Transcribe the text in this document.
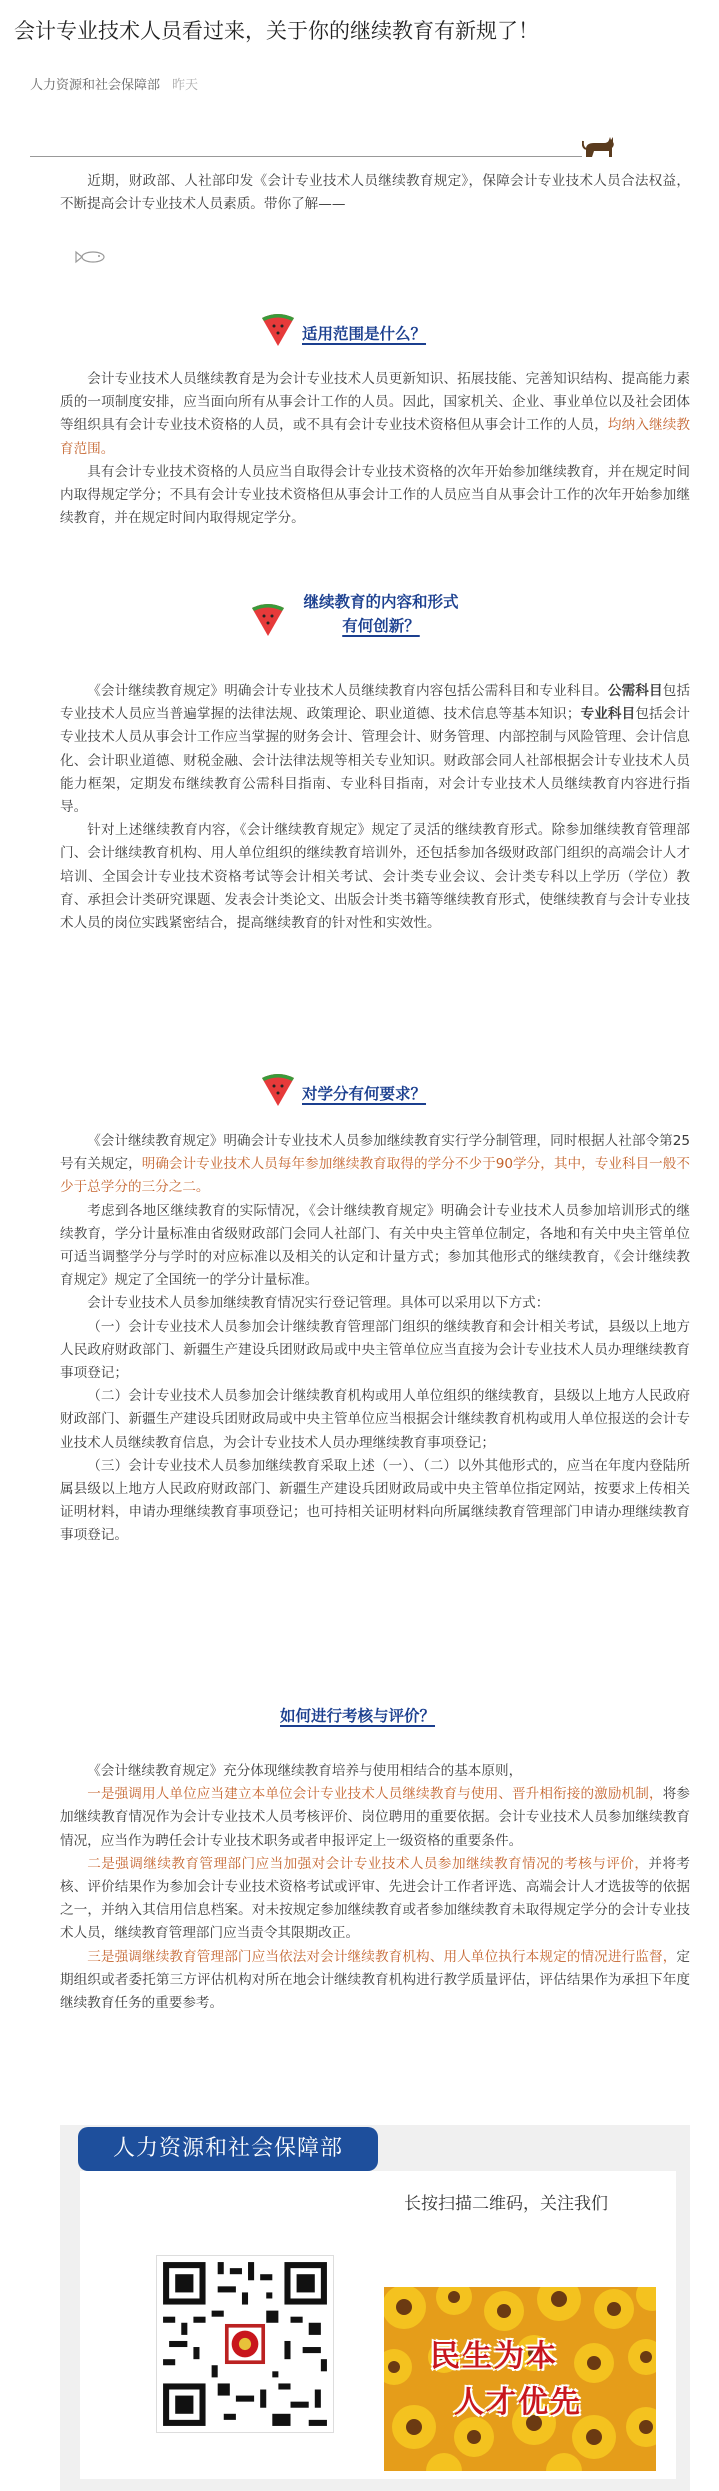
会计专业技术人员看过来，关于你的继续教育有新规了！
人力资源和社会保障部 昨天

近期，财政部、人社部印发《会计专业技术人员继续教育规定》，保障会计专业技术人员合法权益，不断提高会计专业技术人员素质。带你了解——

适用范围是什么？

会计专业技术人员继续教育是为会计专业技术人员更新知识、拓展技能、完善知识结构、提高能力素质的一项制度安排，应当面向所有从事会计工作的人员。因此，国家机关、企业、事业单位以及社会团体等组织具有会计专业技术资格的人员，或不具有会计专业技术资格但从事会计工作的人员，均纳入继续教育范围。

具有会计专业技术资格的人员应当自取得会计专业技术资格的次年开始参加继续教育，并在规定时间内取得规定学分；不具有会计专业技术资格但从事会计工作的人员应当自从事会计工作的次年开始参加继续教育，并在规定时间内取得规定学分。

继续教育的内容和形式
有何创新？

《会计继续教育规定》明确会计专业技术人员继续教育内容包括公需科目和专业科目。公需科目包括专业技术人员应当普遍掌握的法律法规、政策理论、职业道德、技术信息等基本知识；专业科目包括会计专业技术人员从事会计工作应当掌握的财务会计、管理会计、财务管理、内部控制与风险管理、会计信息化、会计职业道德、财税金融、会计法律法规等相关专业知识。财政部会同人社部根据会计专业技术人员能力框架，定期发布继续教育公需科目指南、专业科目指南，对会计专业技术人员继续教育内容进行指导。

针对上述继续教育内容，《会计继续教育规定》规定了灵活的继续教育形式。除参加继续教育管理部门、会计继续教育机构、用人单位组织的继续教育培训外，还包括参加各级财政部门组织的高端会计人才培训、全国会计专业技术资格考试等会计相关考试、会计类专业会议、会计类专科以上学历（学位）教育、承担会计类研究课题、发表会计类论文、出版会计类书籍等继续教育形式，使继续教育与会计专业技术人员的岗位实践紧密结合，提高继续教育的针对性和实效性。

对学分有何要求？

《会计继续教育规定》明确会计专业技术人员参加继续教育实行学分制管理，同时根据人社部令第25号有关规定，明确会计专业技术人员每年参加继续教育取得的学分不少于90学分，其中，专业科目一般不少于总学分的三分之二。

考虑到各地区继续教育的实际情况，《会计继续教育规定》明确会计专业技术人员参加培训形式的继续教育，学分计量标准由省级财政部门会同人社部门、有关中央主管单位制定，各地和有关中央主管单位可适当调整学分与学时的对应标准以及相关的认定和计量方式；参加其他形式的继续教育，《会计继续教育规定》规定了全国统一的学分计量标准。

会计专业技术人员参加继续教育情况实行登记管理。具体可以采用以下方式：

（一）会计专业技术人员参加会计继续教育管理部门组织的继续教育和会计相关考试，县级以上地方人民政府财政部门、新疆生产建设兵团财政局或中央主管单位应当直接为会计专业技术人员办理继续教育事项登记；

（二）会计专业技术人员参加会计继续教育机构或用人单位组织的继续教育，县级以上地方人民政府财政部门、新疆生产建设兵团财政局或中央主管单位应当根据会计继续教育机构或用人单位报送的会计专业技术人员继续教育信息，为会计专业技术人员办理继续教育事项登记；

（三）会计专业技术人员参加继续教育采取上述（一）、（二）以外其他形式的，应当在年度内登陆所属县级以上地方人民政府财政部门、新疆生产建设兵团财政局或中央主管单位指定网站，按要求上传相关证明材料，申请办理继续教育事项登记；也可持相关证明材料向所属继续教育管理部门申请办理继续教育事项登记。

如何进行考核与评价？

《会计继续教育规定》充分体现继续教育培养与使用相结合的基本原则，

一是强调用人单位应当建立本单位会计专业技术人员继续教育与使用、晋升相衔接的激励机制，将参加继续教育情况作为会计专业技术人员考核评价、岗位聘用的重要依据。会计专业技术人员参加继续教育情况，应当作为聘任会计专业技术职务或者申报评定上一级资格的重要条件。

二是强调继续教育管理部门应当加强对会计专业技术人员参加继续教育情况的考核与评价，并将考核、评价结果作为参加会计专业技术资格考试或评审、先进会计工作者评选、高端会计人才选拔等的依据之一，并纳入其信用信息档案。对未按规定参加继续教育或者参加继续教育未取得规定学分的会计专业技术人员，继续教育管理部门应当责令其限期改正。

三是强调继续教育管理部门应当依法对会计继续教育机构、用人单位执行本规定的情况进行监督，定期组织或者委托第三方评估机构对所在地会计继续教育机构进行教学质量评估，评估结果作为承担下年度继续教育任务的重要参考。

人力资源和社会保障部
长按扫描二维码，关注我们
民生为本
人才优先
